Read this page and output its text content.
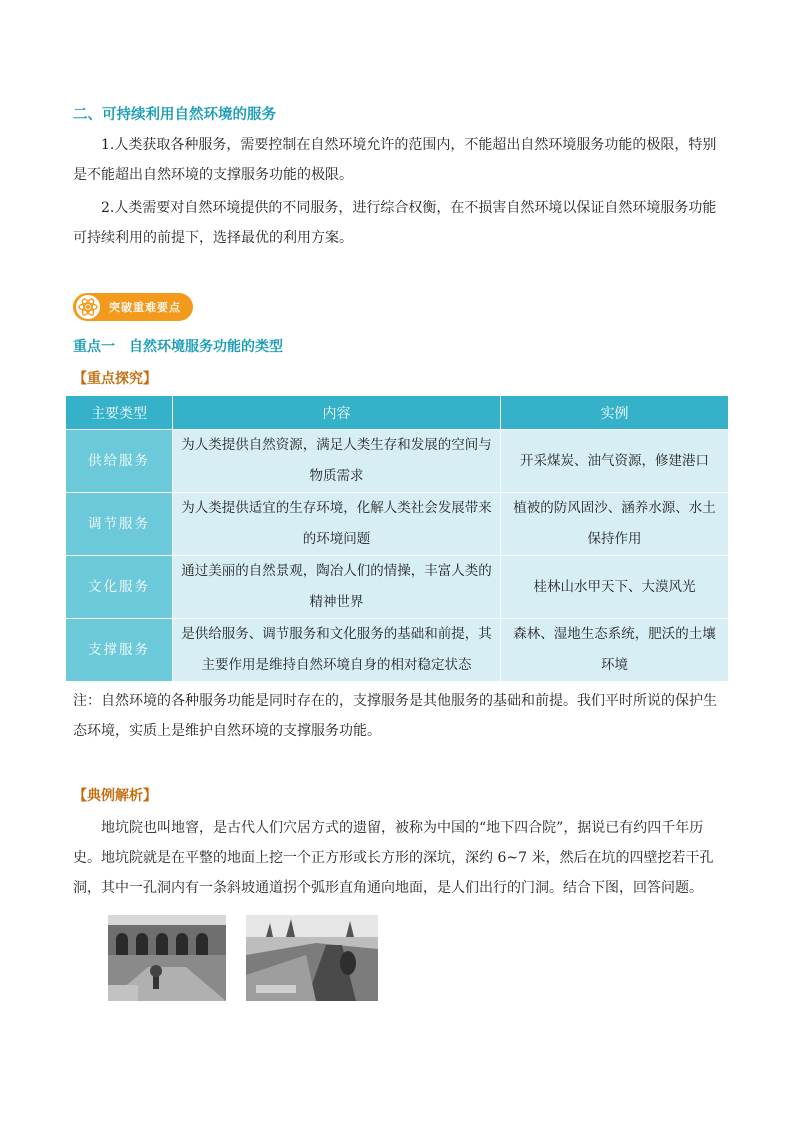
二、可持续利用自然环境的服务
1.人类获取各种服务，需要控制在自然环境允许的范围内，不能超出自然环境服务功能的极限，特别是不能超出自然环境的支撑服务功能的极限。
2.人类需要对自然环境提供的不同服务，进行综合权衡，在不损害自然环境以保证自然环境服务功能可持续利用的前提下，选择最优的利用方案。
突破重难要点
重点一　自然环境服务功能的类型
【重点探究】
主要类型	内容	实例
供给服务	为人类提供自然资源，满足人类生存和发展的空间与物质需求	开采煤炭、油气资源，修建港口
调节服务	为人类提供适宜的生存环境，化解人类社会发展带来的环境问题	植被的防风固沙、涵养水源、水土保持作用
文化服务	通过美丽的自然景观，陶冶人们的情操，丰富人类的精神世界	桂林山水甲天下、大漠风光
支撑服务	是供给服务、调节服务和文化服务的基础和前提，其主要作用是维持自然环境自身的相对稳定状态	森林、湿地生态系统，肥沃的土壤环境
注：自然环境的各种服务功能是同时存在的，支撑服务是其他服务的基础和前提。我们平时所说的保护生态环境，实质上是维护自然环境的支撑服务功能。
【典例解析】
地坑院也叫地窨，是古代人们穴居方式的遗留，被称为中国的“地下四合院”，据说已有约四千年历史。地坑院就是在平整的地面上挖一个正方形或长方形的深坑，深约 6~7 米，然后在坑的四壁挖若干孔洞，其中一孔洞内有一条斜坡通道拐个弧形直角通向地面，是人们出行的门洞。结合下图，回答问题。
